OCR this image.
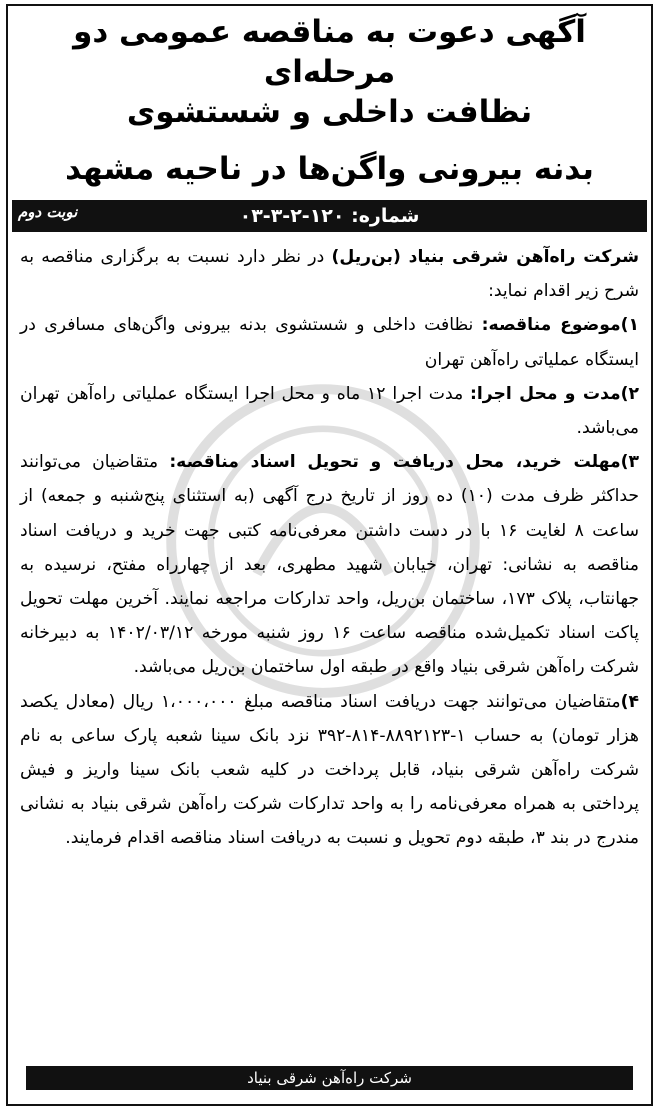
آگهی دعوت به مناقصه عمومی دو مرحله‌ای
نظافت داخلی و شستشوی
بدنه بیرونی واگن‌ها در ناحیه مشهد
شماره: ۱۲۰-۲-۳-۰۳
نوبت دوم

شرکت راه‌آهن شرقی بنیاد (بن‌ریل) در نظر دارد نسبت به برگزاری مناقصه به شرح زیر اقدام نماید:

۱)موضوع مناقصه: نظافت داخلی و شستشوی بدنه بیرونی واگن‌های مسافری در ایستگاه عملیاتی راه‌آهن تهران

۲)مدت و محل اجرا: مدت اجرا ۱۲ ماه و محل اجرا ایستگاه عملیاتی راه‌آهن تهران می‌باشد.

۳)مهلت خرید، محل دریافت و تحویل اسناد مناقصه: متقاضیان می‌توانند حداکثر ظرف مدت (۱۰) ده روز از تاریخ درج آگهی (به استثنای پنج‌شنبه و جمعه) از ساعت ۸ لغایت ۱۶ با در دست داشتن معرفی‌نامه کتبی جهت خرید و دریافت اسناد مناقصه به نشانی: تهران، خیابان شهید مطهری، بعد از چهارراه مفتح، نرسیده به جهانتاب، پلاک ۱۷۳، ساختمان بن‌ریل، واحد تدارکات مراجعه نمایند. آخرین مهلت تحویل پاکت اسناد تکمیل‌شده مناقصه ساعت ۱۶ روز شنبه مورخه ۱۴۰۲/۰۳/۱۲ به دبیرخانه شرکت راه‌آهن شرقی بنیاد واقع در طبقه اول ساختمان بن‌ریل می‌باشد.

۴)متقاضیان می‌توانند جهت دریافت اسناد مناقصه مبلغ ۱،۰۰۰،۰۰۰ ریال (معادل یکصد هزار تومان) به حساب ۱-۸۸۹۲۱۲۳-۸۱۴-۳۹۲ نزد بانک سینا شعبه پارک ساعی به نام شرکت راه‌آهن شرقی بنیاد، قابل پرداخت در کلیه شعب بانک سینا واریز و فیش پرداختی به همراه معرفی‌نامه را به واحد تدارکات شرکت راه‌آهن شرقی بنیاد به نشانی مندرج در بند ۳، طبقه دوم تحویل و نسبت به دریافت اسناد مناقصه اقدام فرمایند.

شرکت راه‌آهن شرقی بنیاد
